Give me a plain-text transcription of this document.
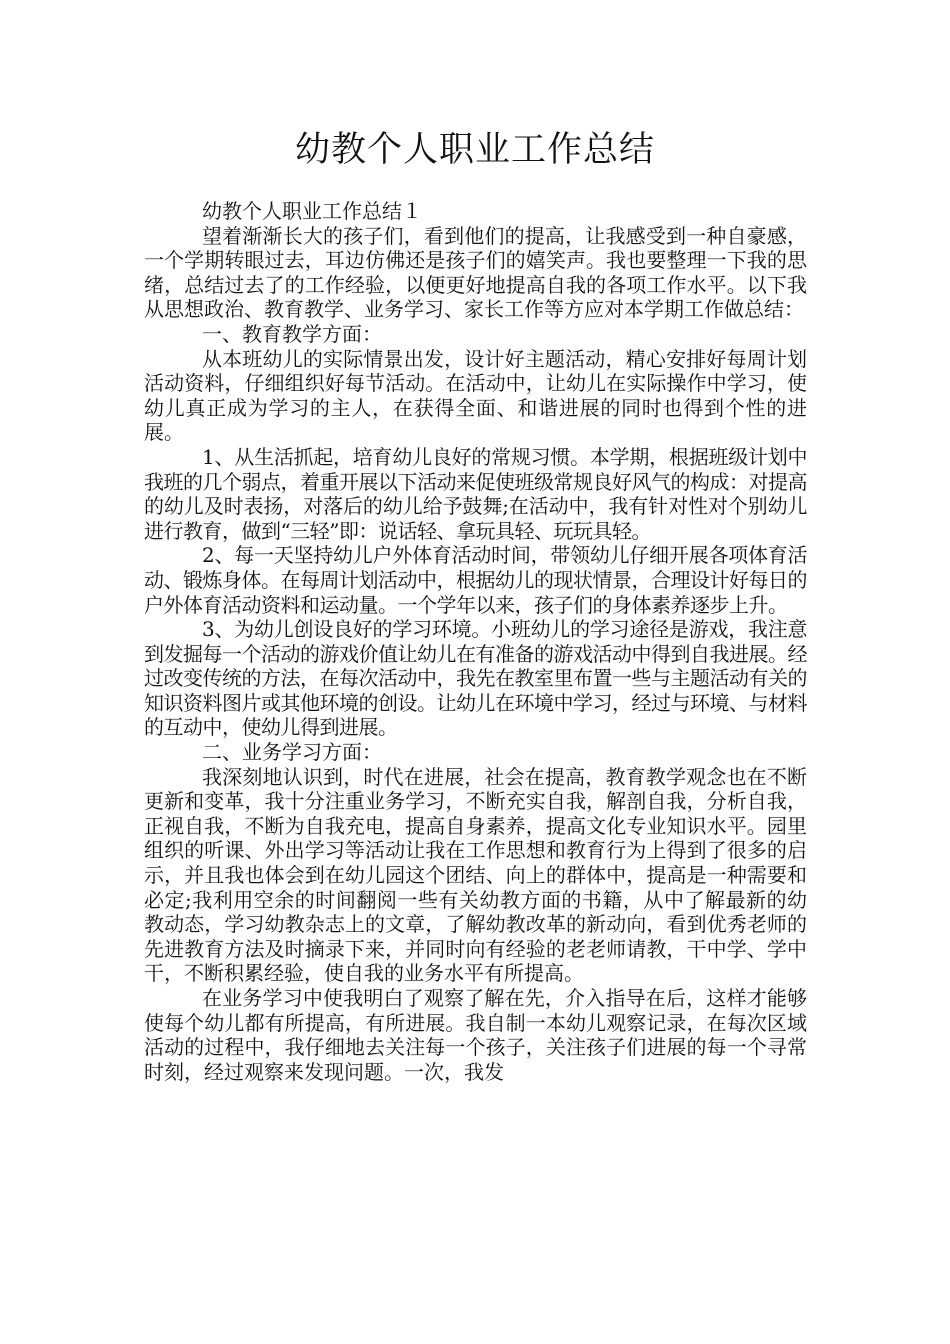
幼教个人职业工作总结

幼教个人职业工作总结１

望着渐渐长大的孩子们，看到他们的提高，让我感受到一种自豪感，一个学期转眼过去，耳边仿佛还是孩子们的嬉笑声。我也要整理一下我的思绪，总结过去了的工作经验，以便更好地提高自我的各项工作水平。以下我从思想政治、教育教学、业务学习、家长工作等方应对本学期工作做总结：

一、教育教学方面：

从本班幼儿的实际情景出发，设计好主题活动，精心安排好每周计划活动资料，仔细组织好每节活动。在活动中，让幼儿在实际操作中学习，使幼儿真正成为学习的主人，在获得全面、和谐进展的同时也得到个性的进展。

1、从生活抓起，培育幼儿良好的常规习惯。本学期，根据班级计划中我班的几个弱点，着重开展以下活动来促使班级常规良好风气的构成：对提高的幼儿及时表扬，对落后的幼儿给予鼓舞;在活动中，我有针对性对个别幼儿进行教育，做到“三轻”即：说话轻、拿玩具轻、玩玩具轻。

2、每一天坚持幼儿户外体育活动时间，带领幼儿仔细开展各项体育活动、锻炼身体。在每周计划活动中，根据幼儿的现状情景，合理设计好每日的户外体育活动资料和运动量。一个学年以来，孩子们的身体素养逐步上升。

3、为幼儿创设良好的学习环境。小班幼儿的学习途径是游戏，我注意到发掘每一个活动的游戏价值让幼儿在有准备的游戏活动中得到自我进展。经过改变传统的方法，在每次活动中，我先在教室里布置一些与主题活动有关的知识资料图片或其他环境的创设。让幼儿在环境中学习，经过与环境、与材料的互动中，使幼儿得到进展。

二、业务学习方面：

我深刻地认识到，时代在进展，社会在提高，教育教学观念也在不断更新和变革，我十分注重业务学习，不断充实自我，解剖自我，分析自我，正视自我，不断为自我充电，提高自身素养，提高文化专业知识水平。园里组织的听课、外出学习等活动让我在工作思想和教育行为上得到了很多的启示，并且我也体会到在幼儿园这个团结、向上的群体中，提高是一种需要和必定;我利用空余的时间翻阅一些有关幼教方面的书籍，从中了解最新的幼教动态，学习幼教杂志上的文章，了解幼教改革的新动向，看到优秀老师的先进教育方法及时摘录下来，并同时向有经验的老老师请教，干中学、学中干，不断积累经验，使自我的业务水平有所提高。

在业务学习中使我明白了观察了解在先，介入指导在后，这样才能够使每个幼儿都有所提高，有所进展。我自制一本幼儿观察记录，在每次区域活动的过程中，我仔细地去关注每一个孩子，关注孩子们进展的每一个寻常时刻，经过观察来发现问题。一次，我发
